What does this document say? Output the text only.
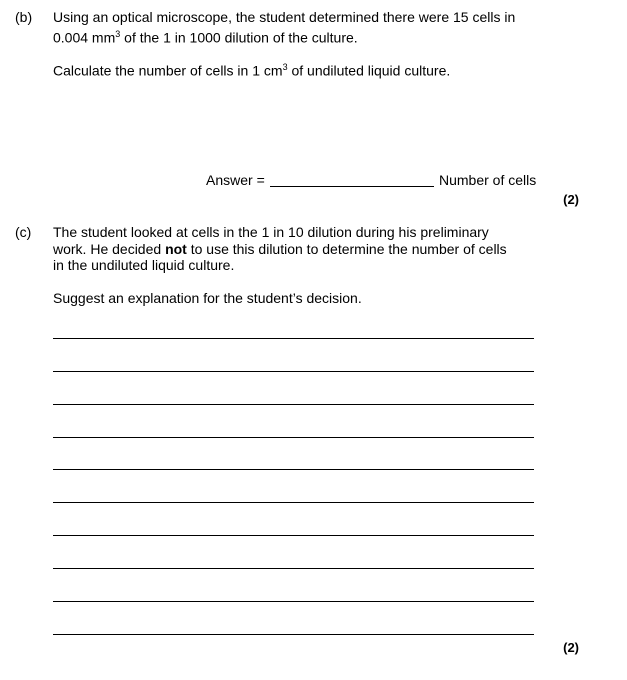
(b) Using an optical microscope, the student determined there were 15 cells in
0.004 $mm^3$ of the 1 in 1000 dilution of the culture.
Calculate the number of cells in 1 $cm^3$ of undiluted liquid culture.
Answer =	Number of cells
(2)
(c) The student looked at cells in the 1 in 10 dilution during his preliminary
work. He decided not to use this dilution to determine the number of cells
in the undiluted liquid culture.
Suggest an explanation for the student’s decision.
(2)
